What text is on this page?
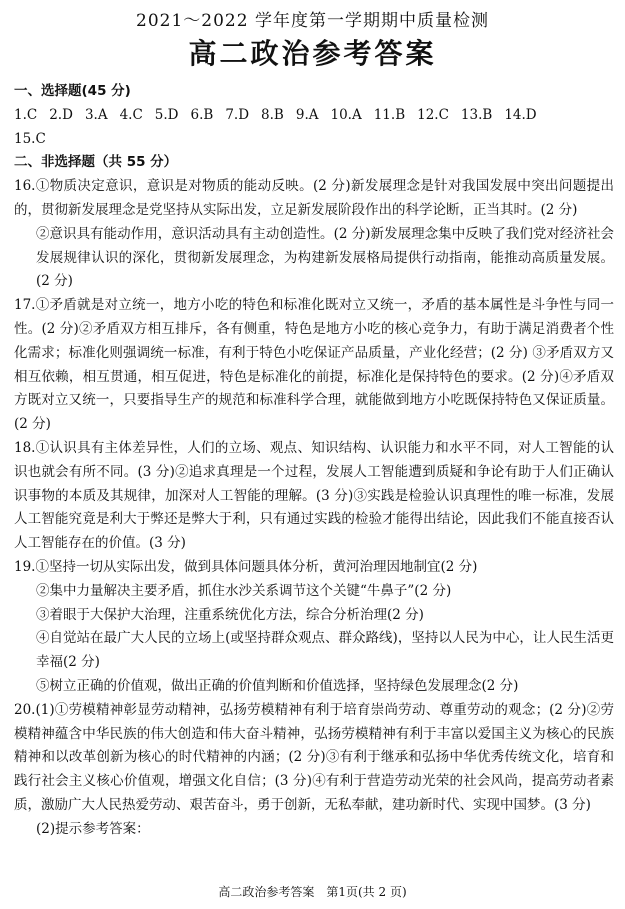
2021～2022 学年度第一学期期中质量检测
高二政治参考答案
一、选择题(45 分)
1.C 2.D 3.A 4.C 5.D 6.B 7.D 8.B 9.A 10.A 11.B 12.C 13.B 14.D
15.C
二、非选择题（共 55 分）
16.①物质决定意识，意识是对物质的能动反映。(2 分)新发展理念是针对我国发展中突出问题提出的，贯彻新发展理念是党坚持从实际出发，立足新发展阶段作出的科学论断，正当其时。(2 分)
②意识具有能动作用，意识活动具有主动创造性。(2 分)新发展理念集中反映了我们党对经济社会发展规律认识的深化，贯彻新发展理念，为构建新发展格局提供行动指南，能推动高质量发展。(2 分)
17.①矛盾就是对立统一，地方小吃的特色和标准化既对立又统一，矛盾的基本属性是斗争性与同一性。(2 分)②矛盾双方相互排斥，各有侧重，特色是地方小吃的核心竞争力，有助于满足消费者个性化需求；标准化则强调统一标准，有利于特色小吃保证产品质量，产业化经营；(2 分) ③矛盾双方又相互依赖，相互贯通，相互促进，特色是标准化的前提，标准化是保持特色的要求。(2 分)④矛盾双方既对立又统一，只要指导生产的规范和标准科学合理，就能做到地方小吃既保持特色又保证质量。(2 分)
18.①认识具有主体差异性，人们的立场、观点、知识结构、认识能力和水平不同，对人工智能的认识也就会有所不同。(3 分)②追求真理是一个过程，发展人工智能遭到质疑和争论有助于人们正确认识事物的本质及其规律，加深对人工智能的理解。(3 分)③实践是检验认识真理性的唯一标准，发展人工智能究竟是利大于弊还是弊大于利，只有通过实践的检验才能得出结论，因此我们不能直接否认人工智能存在的价值。(3 分)
19.①坚持一切从实际出发，做到具体问题具体分析，黄河治理因地制宜(2 分)
②集中力量解决主要矛盾，抓住水沙关系调节这个关键“牛鼻子”(2 分)
③着眼于大保护大治理，注重系统优化方法，综合分析治理(2 分)
④自觉站在最广大人民的立场上(或坚持群众观点、群众路线)，坚持以人民为中心，让人民生活更幸福(2 分)
⑤树立正确的价值观，做出正确的价值判断和价值选择，坚持绿色发展理念(2 分)
20.(1)①劳模精神彰显劳动精神，弘扬劳模精神有利于培育崇尚劳动、尊重劳动的观念；(2 分)②劳模精神蕴含中华民族的伟大创造和伟大奋斗精神，弘扬劳模精神有利于丰富以爱国主义为核心的民族精神和以改革创新为核心的时代精神的内涵；(2 分)③有利于继承和弘扬中华优秀传统文化，培育和践行社会主义核心价值观，增强文化自信；(3 分)④有利于营造劳动光荣的社会风尚，提高劳动者素质，激励广大人民热爱劳动、艰苦奋斗，勇于创新，无私奉献，建功新时代、实现中国梦。(3 分)
(2)提示参考答案：
高二政治参考答案　第1页(共 2 页)
